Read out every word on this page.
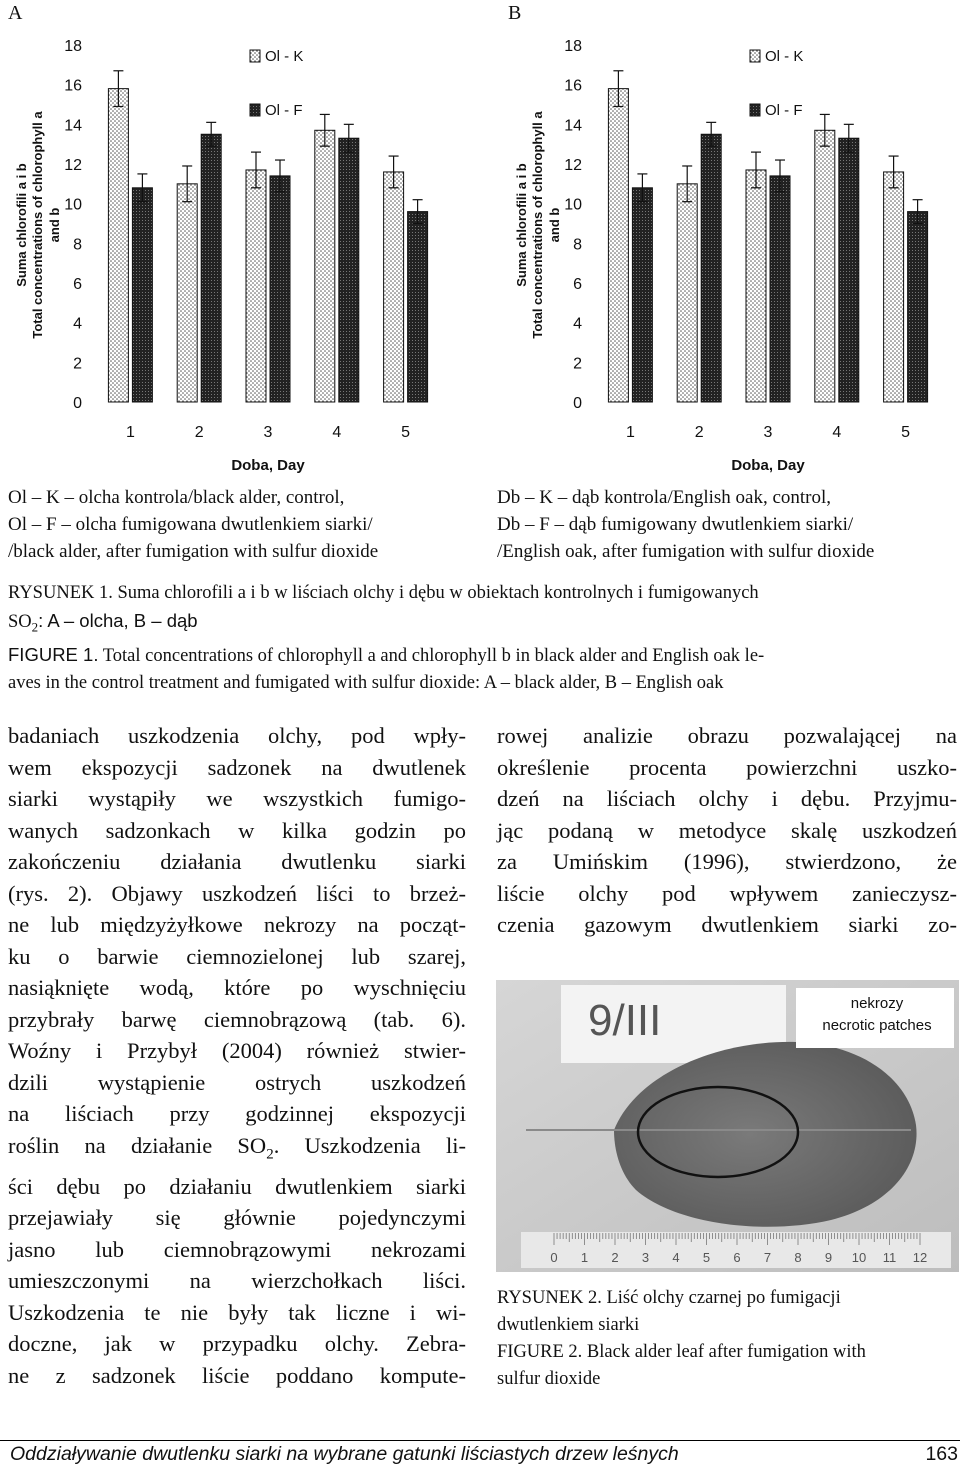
A	B
Suma chlorofili a i b Total concentrations of chlorophyll a and b
0
2
4
6
8
10
12
14
16
18
1	2	3	4	5
Doba, Day
Ol - K
Ol - F
Suma chlorofili a i b Total concentrations of chlorophyll a and b
0
2
4
6
8
10
12
14
16
18
1	2	3	4	5
Doba, Day
Ol - K
Ol - F
Ol – K – olcha kontrola/black alder, control,
Ol – F – olcha fumigowana dwutlenkiem siarki/
/black alder, after fumigation with sulfur dioxide
Db – K – dąb kontrola/English oak, control,
Db – F – dąb fumigowany dwutlenkiem siarki/
/English oak, after fumigation with sulfur dioxide
RYSUNEK 1. Suma chlorofili a i b w liściach olchy i dębu w obiektach kontrolnych i fumigowanych
$SO_2$: A – olcha, B – dąb
FIGURE 1. Total concentrations of chlorophyll a and chlorophyll b in black alder and English oak le-
aves in the control treatment and fumigated with sulfur dioxide: A – black alder, B – English oak

badaniach uszkodzenia olchy, pod wpły-

wem ekspozycji sadzonek na dwutlenek

siarki wystąpiły we wszystkich fumigo-

wanych sadzonkach w kilka godzin po

zakończeniu działania dwutlenku siarki

(rys. 2). Objawy uszkodzeń liści to brzeż-

ne lub międzyżyłkowe nekrozy na począt-

ku o barwie ciemnozielonej lub szarej,

nasiąknięte wodą, które po wyschnięciu

przybrały barwę ciemnobrązową (tab. 6).

Woźny i Przybył (2004) również stwier-

dzili wystąpienie ostrych uszkodzeń

na liściach przy godzinnej ekspozycji

roślin na działanie $SO_2$. Uszkodzenia li-

ści dębu po działaniu dwutlenkiem siarki

przejawiały się głównie pojedynczymi

jasno lub ciemnobrązowymi nekrozami

umieszczonymi na wierzchołkach liści.

Uszkodzenia te nie były tak liczne i wi-

doczne, jak w przypadku olchy. Zebra-

ne z sadzonek liście poddano kompute-

rowej analizie obrazu pozwalającej na

określenie procenta powierzchni uszko-

dzeń na liściach olchy i dębu. Przyjmu-

jąc podaną w metodyce skalę uszkodzeń

za Umińskim (1996), stwierdzono, że

liście olchy pod wpływem zanieczysz-

czenia gazowym dwutlenkiem siarki zo-

9/III	nekrozy
necrotic patches
0 1 2 3 4 5 6 7 8 9 10 11 12
RYSUNEK 2. Liść olchy czarnej po fumigacji
dwutlenkiem siarki
FIGURE 2. Black alder leaf after fumigation with
sulfur dioxide
Oddziaływanie dwutlenku siarki na wybrane gatunki liściastych drzew leśnych	163
